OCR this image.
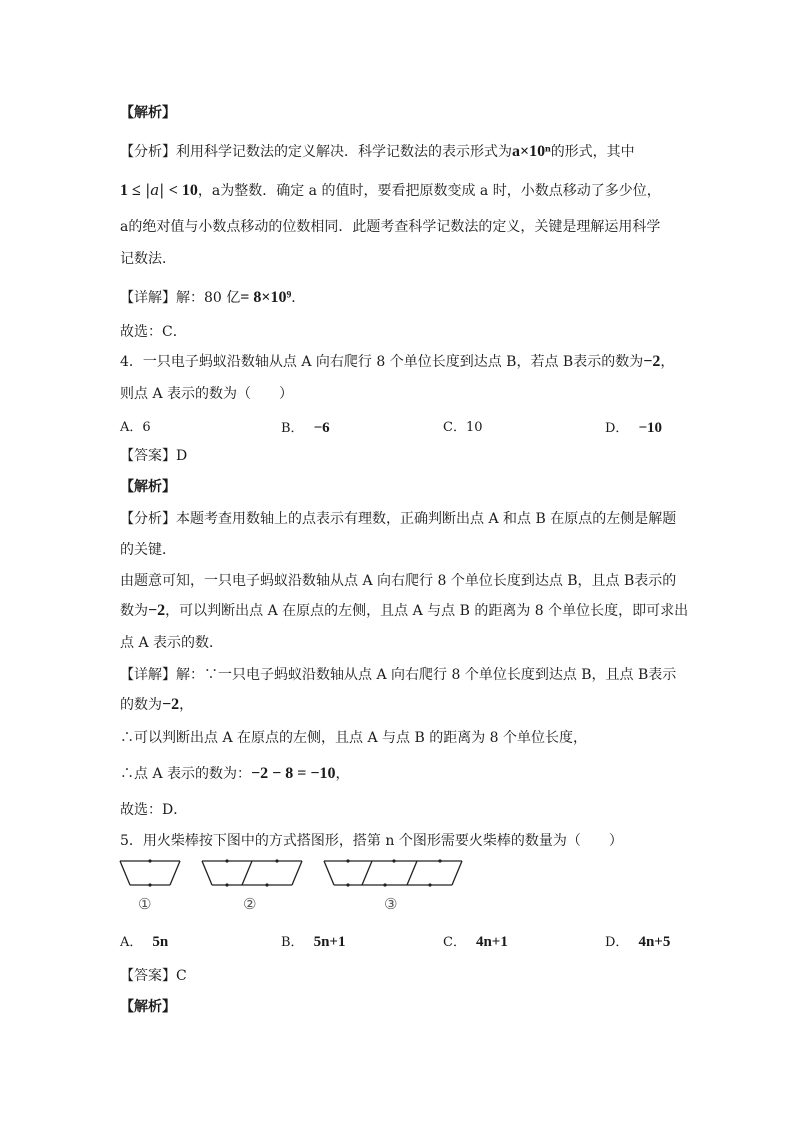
【解析】
【分析】利用科学记数法的定义解决．科学记数法的表示形式为a×10ⁿ的形式，其中
1 ≤ |a| < 10，a为整数．确定 a 的值时，要看把原数变成 a 时，小数点移动了多少位，
a的绝对值与小数点移动的位数相同．此题考查科学记数法的定义，关键是理解运用科学
记数法．
【详解】解：80 亿= 8×10⁹．
故选：C．
4．一只电子蚂蚁沿数轴从点 A 向右爬行 8 个单位长度到达点 B，若点 B表示的数为−2，
则点 A 表示的数为（　　）
A．6	B． −6	C．10	D． −10
【答案】D
【解析】
【分析】本题考查用数轴上的点表示有理数，正确判断出点 A 和点 B 在原点的左侧是解题
的关键．
由题意可知，一只电子蚂蚁沿数轴从点 A 向右爬行 8 个单位长度到达点 B，且点 B表示的
数为−2，可以判断出点 A 在原点的左侧，且点 A 与点 B 的距离为 8 个单位长度，即可求出
点 A 表示的数．
【详解】解：∵一只电子蚂蚁沿数轴从点 A 向右爬行 8 个单位长度到达点 B，且点 B表示
的数为−2，
∴可以判断出点 A 在原点的左侧，且点 A 与点 B 的距离为 8 个单位长度，
∴点 A 表示的数为：−2 − 8 = −10，
故选：D．
5．用火柴棒按下图中的方式搭图形，搭第 n 个图形需要火柴棒的数量为（　　）
①	②	③
A． 5n	B． 5n+1	C． 4n+1	D． 4n+5
【答案】C
【解析】
